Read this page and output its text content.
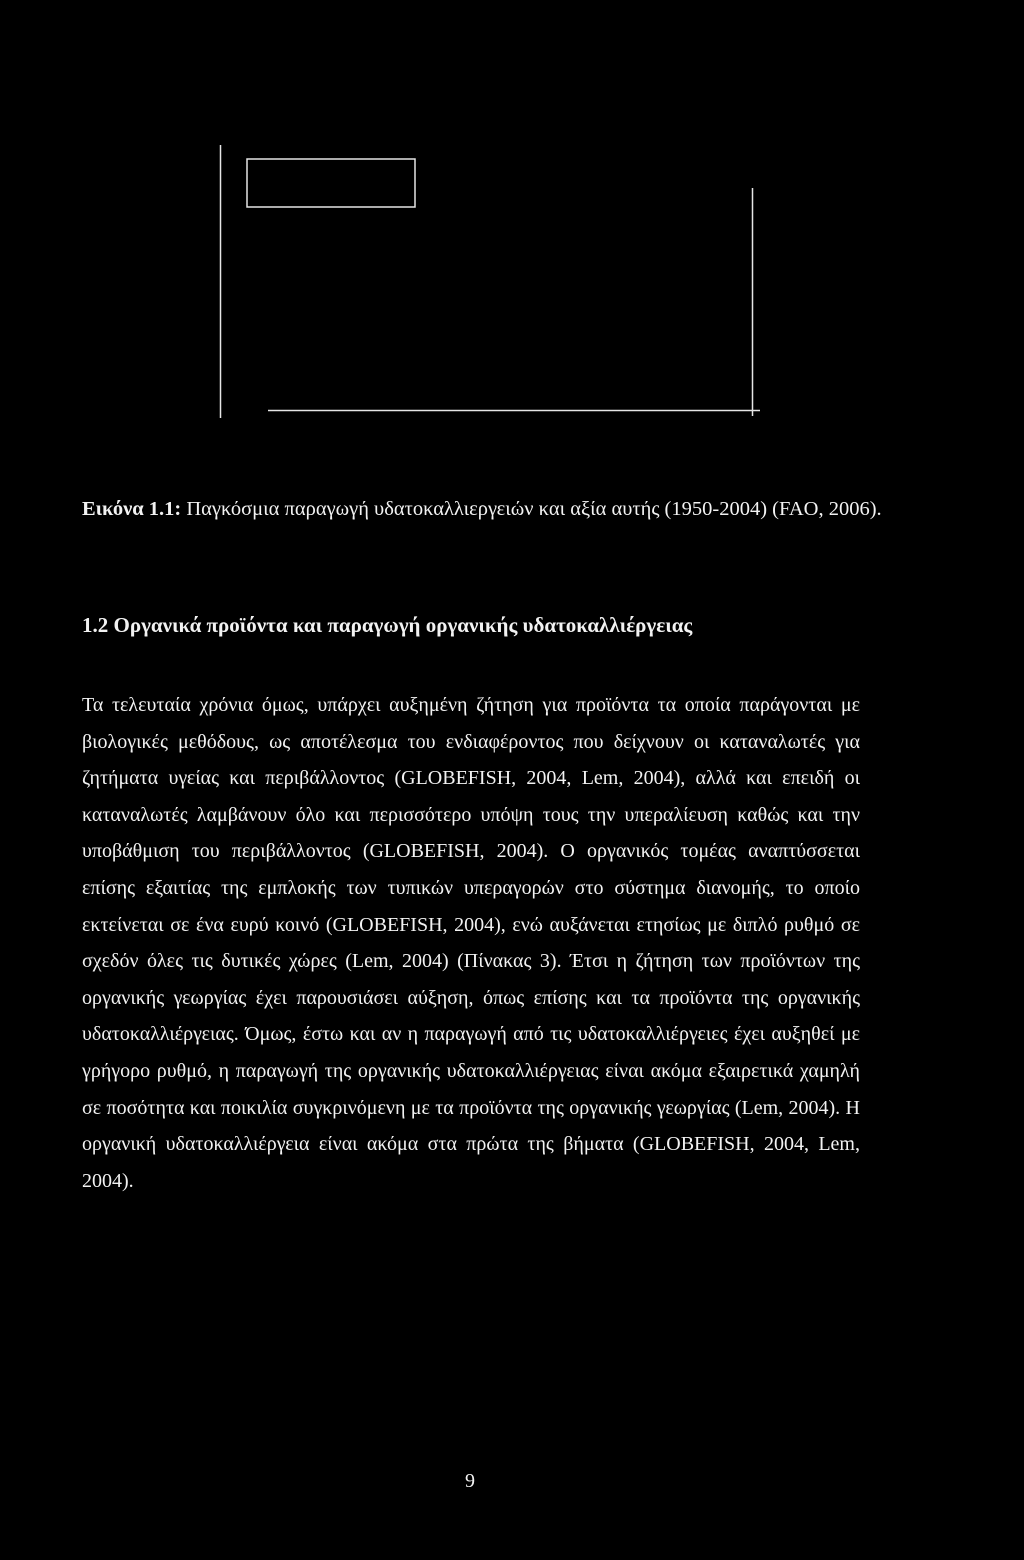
Εικόνα 1.1: Παγκόσμια παραγωγή υδατοκαλλιεργειών και αξία αυτής (1950-2004) (FAO, 2006).
1.2 Οργανικά προϊόντα και παραγωγή οργανικής υδατοκαλλιέργειας
Τα τελευταία χρόνια όμως, υπάρχει αυξημένη ζήτηση για προϊόντα τα οποία παράγονται με βιολογικές μεθόδους, ως αποτέλεσμα του ενδιαφέροντος που δείχνουν οι καταναλωτές για ζητήματα υγείας και περιβάλλοντος (GLOBEFISH, 2004, Lem, 2004), αλλά και επειδή οι καταναλωτές λαμβάνουν όλο και περισσότερο υπόψη τους την υπεραλίευση καθώς και την υποβάθμιση του περιβάλλοντος (GLOBEFISH, 2004). Ο οργανικός τομέας αναπτύσσεται επίσης εξαιτίας της εμπλοκής των τυπικών υπεραγορών στο σύστημα διανομής, το οποίο εκτείνεται σε ένα ευρύ κοινό (GLOBEFISH, 2004), ενώ αυξάνεται ετησίως με διπλό ρυθμό σε σχεδόν όλες τις δυτικές χώρες (Lem, 2004) (Πίνακας 3). Έτσι η ζήτηση των προϊόντων της οργανικής γεωργίας έχει παρουσιάσει αύξηση, όπως επίσης και τα προϊόντα της οργανικής υδατοκαλλιέργειας. Όμως, έστω και αν η παραγωγή από τις υδατοκαλλιέργειες έχει αυξηθεί με γρήγορο ρυθμό, η παραγωγή της οργανικής υδατοκαλλιέργειας είναι ακόμα εξαιρετικά χαμηλή σε ποσότητα και ποικιλία συγκρινόμενη με τα προϊόντα της οργανικής γεωργίας (Lem, 2004). Η οργανική υδατοκαλλιέργεια είναι ακόμα στα πρώτα της βήματα (GLOBEFISH, 2004, Lem, 2004).
9
